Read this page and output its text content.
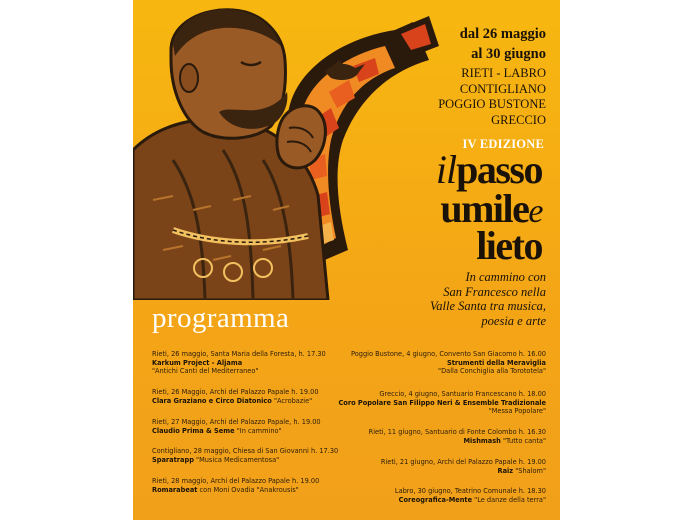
dal 26 maggio
al 30 giugno
RIETI - LABRO
CONTIGLIANO
POGGIO BUSTONE
GRECCIO
IV EDIZIONE
ilpasso
umilee
lieto
In cammino con
San Francesco nella
Valle Santa tra musica,
poesia e arte
programma
Rieti, 26 maggio, Santa Maria della Foresta, h. 17.30
Karkum Project - Aljama
"Antichi Canti del Mediterraneo"
Rieti, 26 Maggio, Archi del Palazzo Papale h. 19.00
Clara Graziano e Circo Diatonico "Acrobazie"
Rieti, 27 Maggio, Archi del Palazzo Papale, h. 19.00
Claudio Prima & Seme "In cammino"
Contigliano, 28 maggio, Chiesa di San Giovanni h. 17.30
Sparatrapp "Musica Medicamentosa"
Rieti, 28 maggio, Archi del Palazzo Papale h. 19.00
Romarabeat con Moni Ovadia "Anakrousis"
Poggio Bustone, 4 giugno, Convento San Giacomo h. 16.00
Strumenti della Meraviglia
"Dalla Conchiglia alla Torototela"
Greccio, 4 giugno, Santuario Francescano h. 18.00
Coro Popolare San Filippo Neri & Ensemble Tradizionale
"Messa Popolare"
Rieti, 11 giugno, Santuario di Fonte Colombo h. 16.30
Mishmash "Tutto canta"
Rieti, 21 giugno, Archi del Palazzo Papale h. 19.00
Raiz "Shalom"
Labro, 30 giugno, Teatrino Comunale h. 18.30
Coreografica-Mente "Le danze della terra"
